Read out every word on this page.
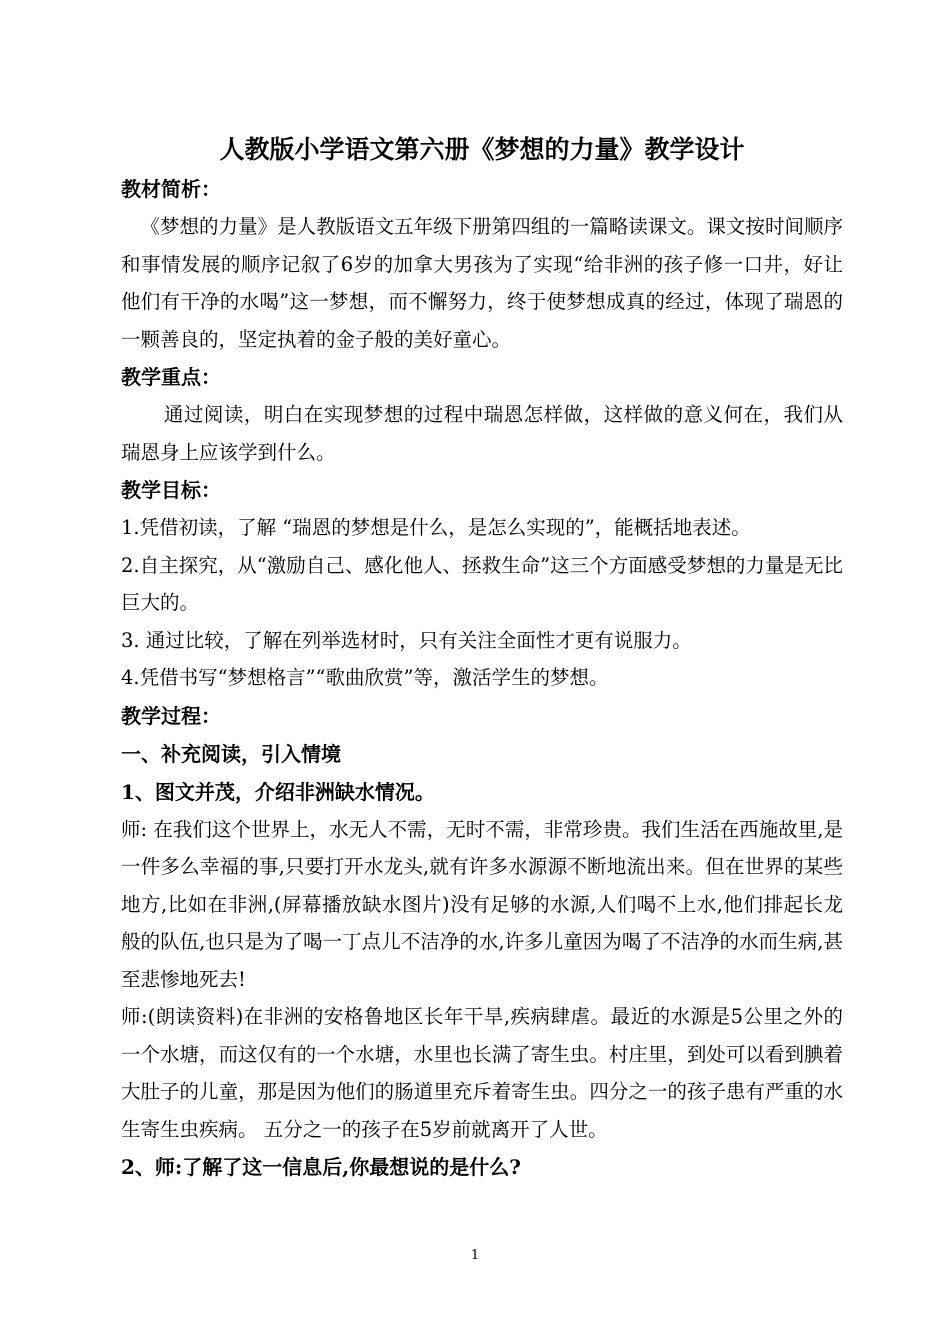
人教版小学语文第六册《梦想的力量》教学设计

教材简析：

《梦想的力量》是人教版语文五年级下册第四组的一篇略读课文。课文按时间顺序和事情发展的顺序记叙了6岁的加拿大男孩为了实现“给非洲的孩子修一口井，好让他们有干净的水喝”这一梦想，而不懈努力，终于使梦想成真的经过，体现了瑞恩的一颗善良的，坚定执着的金子般的美好童心。

教学重点：

通过阅读，明白在实现梦想的过程中瑞恩怎样做，这样做的意义何在，我们从瑞恩身上应该学到什么。

教学目标：

1.凭借初读，了解 “瑞恩的梦想是什么，是怎么实现的”，能概括地表述。

2.自主探究，从“激励自己、感化他人、拯救生命”这三个方面感受梦想的力量是无比巨大的。

3. 通过比较，了解在列举选材时，只有关注全面性才更有说服力。

4.凭借书写“梦想格言”“歌曲欣赏”等，激活学生的梦想。

教学过程：

一、补充阅读，引入情境

1、图文并茂，介绍非洲缺水情况。

师: 在我们这个世界上，水无人不需，无时不需，非常珍贵。我们生活在西施故里,是一件多么幸福的事,只要打开水龙头,就有许多水源源不断地流出来。但在世界的某些地方,比如在非洲,(屏幕播放缺水图片)没有足够的水源,人们喝不上水,他们排起长龙般的队伍,也只是为了喝一丁点儿不洁净的水,许多儿童因为喝了不洁净的水而生病,甚至悲惨地死去!

师:(朗读资料)在非洲的安格鲁地区长年干旱,疾病肆虐。最近的水源是5公里之外的一个水塘，而这仅有的一个水塘，水里也长满了寄生虫。村庄里，到处可以看到腆着大肚子的儿童，那是因为他们的肠道里充斥着寄生虫。四分之一的孩子患有严重的水生寄生虫疾病。 五分之一的孩子在5岁前就离开了人世。

2、师:了解了这一信息后,你最想说的是什么?

1
